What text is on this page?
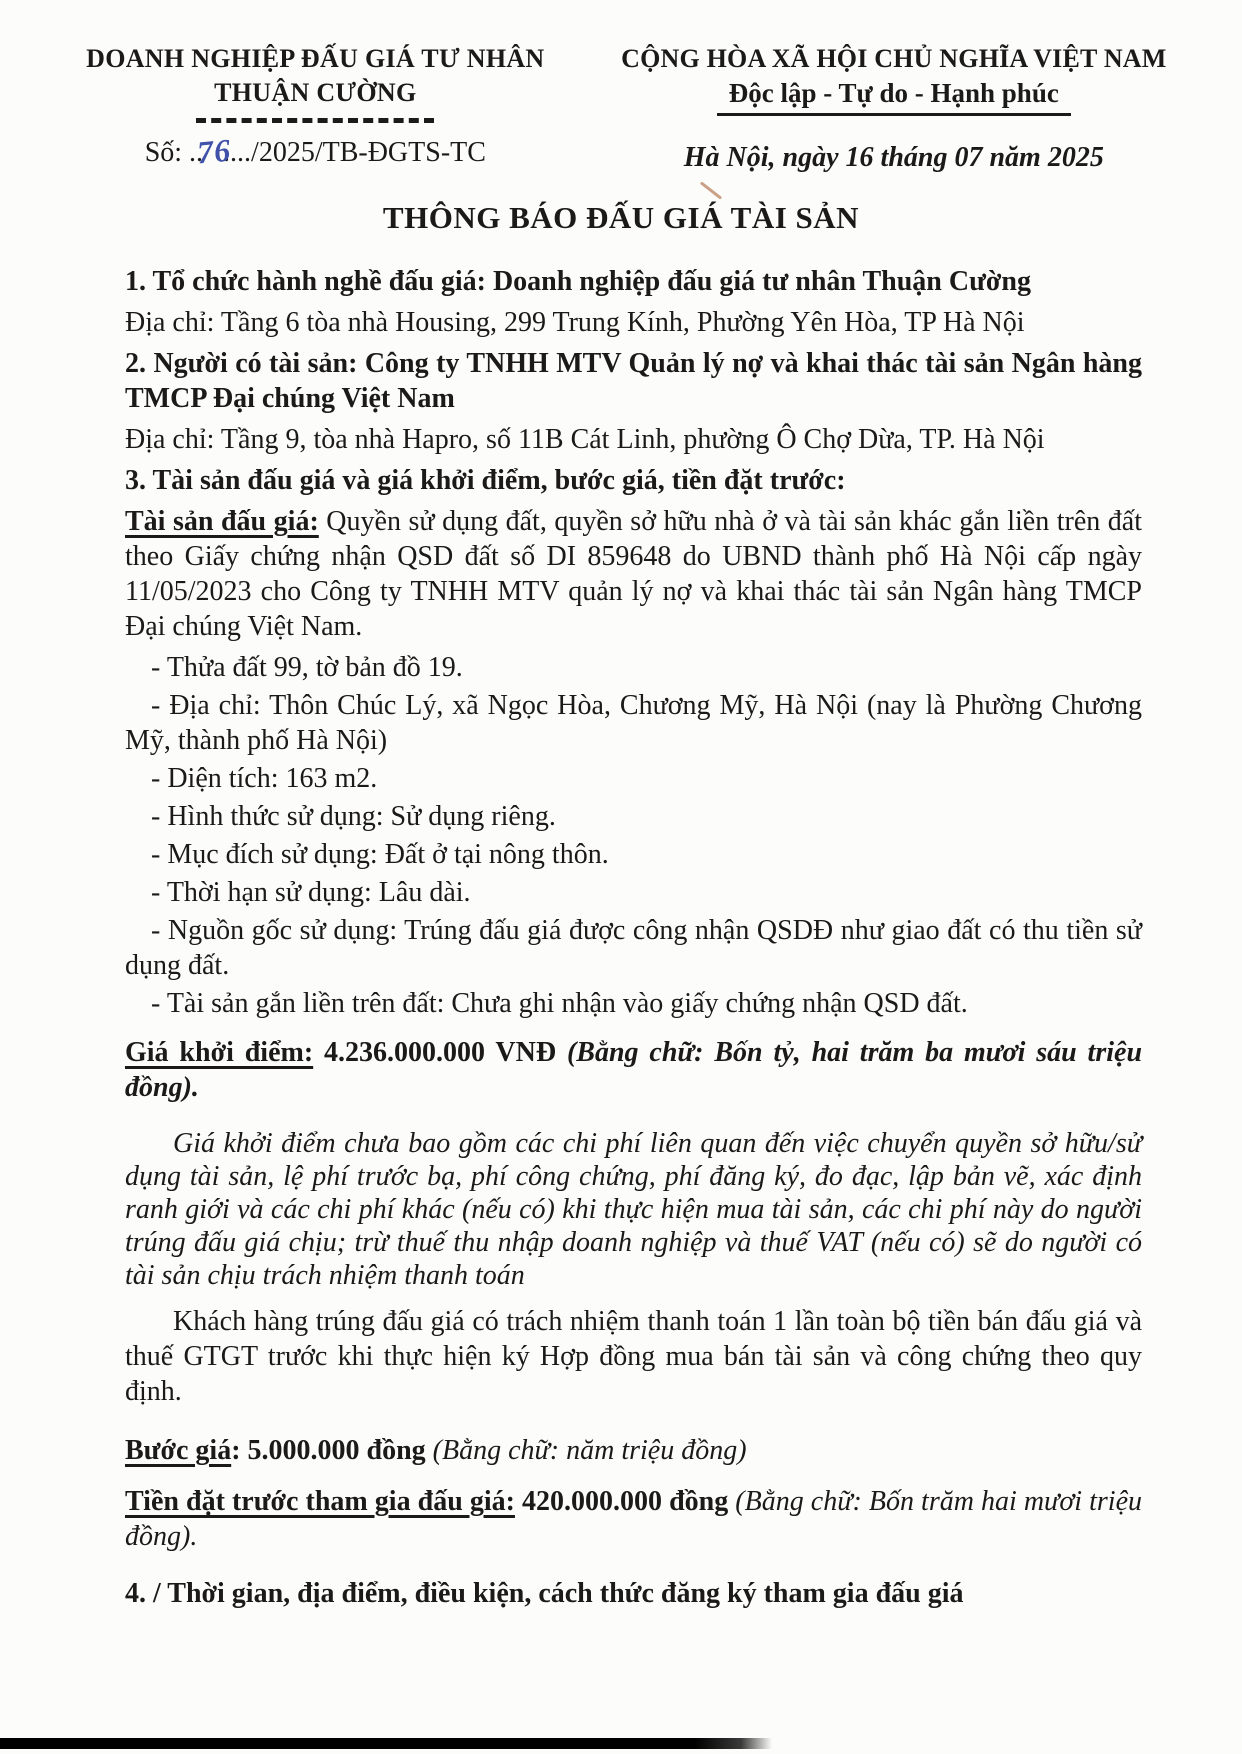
DOANH NGHIỆP ĐẤU GIÁ TƯ NHÂN
THUẬN CƯỜNG
Số: ..76..../2025/TB-ĐGTS-TC
CỘNG HÒA XÃ HỘI CHỦ NGHĨA VIỆT NAM
Độc lập - Tự do - Hạnh phúc
Hà Nội, ngày 16 tháng 07 năm 2025
THÔNG BÁO ĐẤU GIÁ TÀI SẢN

1. Tổ chức hành nghề đấu giá: Doanh nghiệp đấu giá tư nhân Thuận Cường

Địa chỉ: Tầng 6 tòa nhà Housing, 299 Trung Kính, Phường Yên Hòa, TP Hà Nội

2. Người có tài sản: Công ty TNHH MTV Quản lý nợ và khai thác tài sản Ngân hàng TMCP Đại chúng Việt Nam

Địa chỉ: Tầng 9, tòa nhà Hapro, số 11B Cát Linh, phường Ô Chợ Dừa, TP. Hà Nội

3. Tài sản đấu giá và giá khởi điểm, bước giá, tiền đặt trước:

Tài sản đấu giá: Quyền sử dụng đất, quyền sở hữu nhà ở và tài sản khác gắn liền trên đất theo Giấy chứng nhận QSD đất số DI 859648 do UBND thành phố Hà Nội cấp ngày 11/05/2023 cho Công ty TNHH MTV quản lý nợ và khai thác tài sản Ngân hàng TMCP Đại chúng Việt Nam.

- Thửa đất 99, tờ bản đồ 19.

- Địa chỉ: Thôn Chúc Lý, xã Ngọc Hòa, Chương Mỹ, Hà Nội (nay là Phường Chương Mỹ, thành phố Hà Nội)

- Diện tích: 163 m2.

- Hình thức sử dụng: Sử dụng riêng.

- Mục đích sử dụng: Đất ở tại nông thôn.

- Thời hạn sử dụng: Lâu dài.

- Nguồn gốc sử dụng: Trúng đấu giá được công nhận QSDĐ như giao đất có thu tiền sử dụng đất.

- Tài sản gắn liền trên đất: Chưa ghi nhận vào giấy chứng nhận QSD đất.

Giá khởi điểm: 4.236.000.000 VNĐ (Bằng chữ: Bốn tỷ, hai trăm ba mươi sáu triệu đồng).

Giá khởi điểm chưa bao gồm các chi phí liên quan đến việc chuyển quyền sở hữu/sử dụng tài sản, lệ phí trước bạ, phí công chứng, phí đăng ký, đo đạc, lập bản vẽ, xác định ranh giới và các chi phí khác (nếu có) khi thực hiện mua tài sản, các chi phí này do người trúng đấu giá chịu; trừ thuế thu nhập doanh nghiệp và thuế VAT (nếu có) sẽ do người có tài sản chịu trách nhiệm thanh toán

Khách hàng trúng đấu giá có trách nhiệm thanh toán 1 lần toàn bộ tiền bán đấu giá và thuế GTGT trước khi thực hiện ký Hợp đồng mua bán tài sản và công chứng theo quy định.

Bước giá: 5.000.000 đồng (Bằng chữ: năm triệu đồng)

Tiền đặt trước tham gia đấu giá: 420.000.000 đồng (Bằng chữ: Bốn trăm hai mươi triệu đồng).

4. / Thời gian, địa điểm, điều kiện, cách thức đăng ký tham gia đấu giá
